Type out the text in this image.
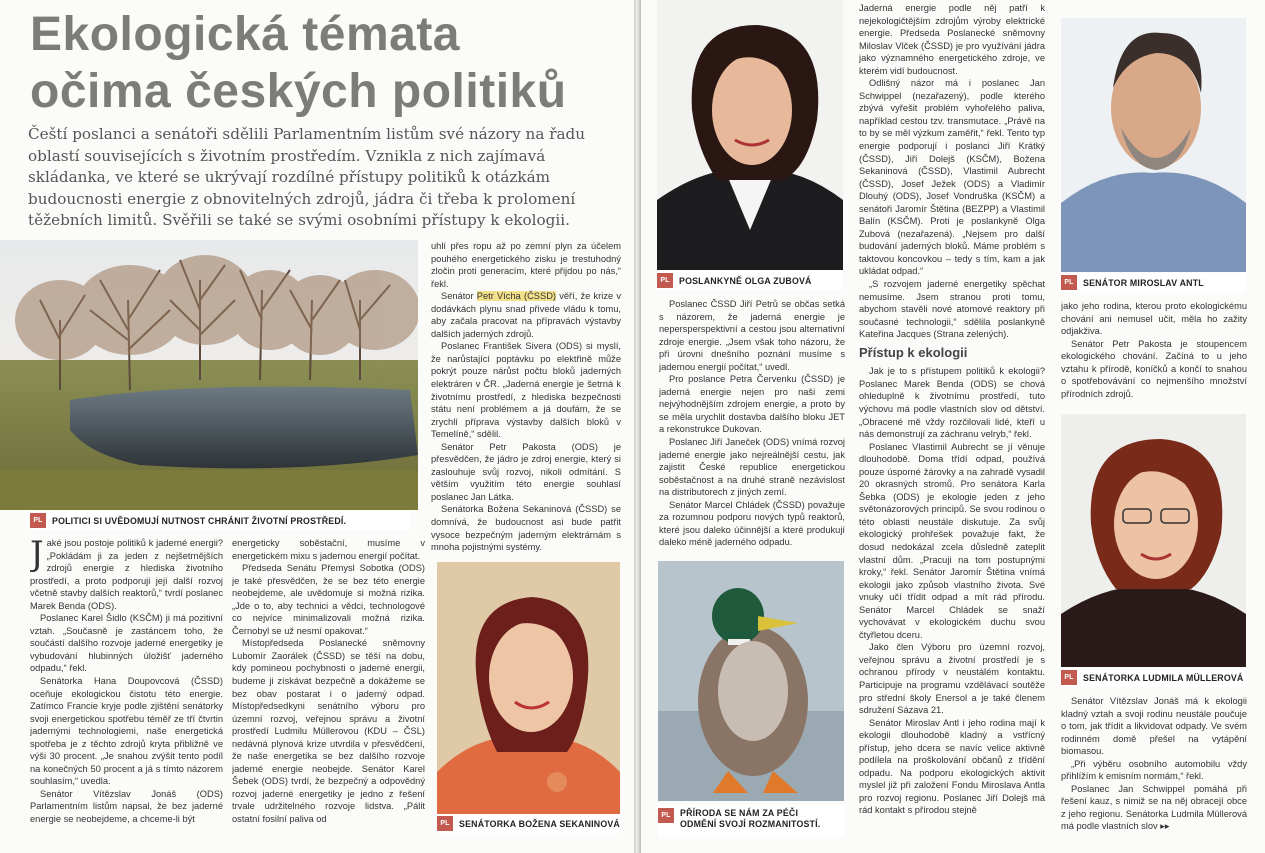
Ekologická témata
očima českých politiků
Čeští poslanci a senátoři sdělili Parlamentním listům své názory na řadu oblastí souvisejících s životním prostředím. Vznikla z nich zajímavá skládanka, ve které se ukrývají rozdílné přístupy politiků k otázkám budoucnosti energie z obnovitelných zdrojů, jádra či třeba k prolomení těžebních limitů. Svěřili se také se svými osobními přístupy k ekologii.
PL	POLITICI SI UVĚDOMUJÍ NUTNOST CHRÁNIT ŽIVOTNÍ PROSTŘEDÍ.

Jaké jsou postoje politiků k jaderné energii? „Pokládám ji za jeden z nejšetrnějších zdrojů energie z hlediska životního prostředí, a proto podporuji její další rozvoj včetně stavby dalších reaktorů,“ tvrdí poslanec Marek Benda (ODS).

Poslanec Karel Šidlo (KSČM) ji má pozitivní vztah. „Současně je zastáncem toho, že součástí dalšího rozvoje jaderné energetiky je vybudování hlubinných úložišť jaderného odpadu,“ řekl.

Senátorka Hana Doupovcová (ČSSD) oceňuje ekologickou čistotu této energie. Zatímco Francie kryje podle zjištění senátorky svoji energetickou spotřebu téměř ze tří čtvrtin jadernými technologiemi, naše energetická spotřeba je z těchto zdrojů kryta přibližně ve výši 30 procent. „Je snahou zvýšit tento podíl na konečných 50 procent a já s tímto názorem souhlasím,“ uvedla.

Senátor Vítězslav Jonáš (ODS) Parlamentním listům napsal, že bez jaderné energie se neobejdeme, a chceme-li být

energeticky soběstační, musíme v energetickém mixu s jadernou energií počítat.

Předseda Senátu Přemysl Sobotka (ODS) je také přesvědčen, že se bez této energie neobejdeme, ale uvědomuje si možná rizika. „Jde o to, aby technici a vědci, technologové co nejvíce minimalizovali možná rizika. Černobyl se už nesmí opakovat.“

Místopředseda Poslanecké sněmovny Lubomír Zaorálek (ČSSD) se těší na dobu, kdy pomineou pochybnosti o jaderné energii, budeme ji získávat bezpečně a dokážeme se bez obav postarat i o jaderný odpad. Místopředsedkyni senátního výboru pro územní rozvoj, veřejnou správu a životní prostředí Ludmilu Müllerovou (KDU – ČSL) nedávná plynová krize utvrdila v přesvědčení, že naše energetika se bez dalšího rozvoje jaderné energie neobejde. Senátor Karel Šebek (ODS) tvrdí, že bezpečný a odpovědný rozvoj jaderné energetiky je jedno z řešení trvale udržitelného rozvoje lidstva. „Pálit ostatní fosilní paliva od

uhlí přes ropu až po zemní plyn za účelem pouhého energetického zisku je trestuhodný zločin proti generacím, které přijdou po nás,“ řekl.

Senátor Petr Vícha (ČSSD) věří, že krize v dodávkách plynu snad přivede vládu k tomu, aby začala pracovat na přípravách výstavby dalších jaderných zdrojů.

Poslanec František Sivera (ODS) si myslí, že narůstající poptávku po elektřině může pokrýt pouze nárůst počtu bloků jaderných elektráren v ČR. „Jaderná energie je šetrná k životnímu prostředí, z hlediska bezpečnosti státu není problémem a já doufám, že se zrychlí příprava výstavby dalších bloků v Temelíně,“ sdělil.

Senátor Petr Pakosta (ODS) je přesvědčen, že jádro je zdroj energie, který si zaslouhuje svůj rozvoj, nikoli odmítání. S větším využitím této energie souhlasí poslanec Jan Látka.

Senátorka Božena Sekaninová (ČSSD) se domnívá, že budoucnost asi bude patřit vysoce bezpečným jaderným elektrárnám s mnoha pojistnými systémy.

PL	SENÁTORKA BOŽENA SEKANINOVÁ
PL	POSLANKYNĚ OLGA ZUBOVÁ

Poslanec ČSSD Jiří Petrů se občas setká s názorem, že jaderná energie je nepersperspektivní a cestou jsou alternativní zdroje energie. „Jsem však toho názoru, že při úrovni dnešního poznání musíme s jadernou energií počítat,“ uvedl.

Pro poslance Petra Červenku (ČSSD) je jaderná energie nejen pro naši zemi nejvýhodnějším zdrojem energie, a proto by se měla urychlit dostavba dalšího bloku JET a rekonstrukce Dukovan.

Poslanec Jiří Janeček (ODS) vnímá rozvoj jaderné energie jako nejreálnější cestu, jak zajistit České republice energetickou soběstačnost a na druhé straně nezávislost na distributorech z jiných zemí.

Senátor Marcel Chládek (ČSSD) považuje za rozumnou podporu nových typů reaktorů, které jsou daleko účinnější a které produkují daleko méně jaderného odpadu.

PL	PŘÍRODA SE NÁM ZA PÉČI ODMĚNÍ SVOJÍ ROZMANITOSTÍ.

Jaderná energie podle něj patří k nejekologičtějším zdrojům výroby elektrické energie. Předseda Poslanecké sněmovny Miloslav Vlček (ČSSD) je pro využívání jádra jako významného energetického zdroje, ve kterém vidí budoucnost.

Odlišný názor má i poslanec Jan Schwippel (nezařazený), podle kterého zbývá vyřešit problém vyhořelého paliva, například cestou tzv. transmutace. „Právě na to by se měl výzkum zaměřit,“ řekl. Tento typ energie podporují i poslanci Jiří Krátký (ČSSD), Jiří Dolejš (KSČM), Božena Sekaninová (ČSSD), Vlastimil Aubrecht (ČSSD), Josef Ježek (ODS) a Vladimír Dlouhý (ODS), Josef Vondruška (KSČM) a senátoři Jaromír Štětina (BEZPP) a Vlastimil Balín (KSČM). Proti je poslankyně Olga Zubová (nezařazená). „Nejsem pro další budování jaderných bloků. Máme problém s taktovou koncovkou – tedy s tím, kam a jak ukládat odpad.“

„S rozvojem jaderné energetiky spěchat nemusíme. Jsem stranou proti tomu, abychom stavěli nové atomové reaktory při současné technologii,“ sdělila poslankyně Kateřina Jacques (Strana zelených).

Přístup k ekologii

Jak je to s přístupem politiků k ekologii? Poslanec Marek Benda (ODS) se chová ohleduplně k životnímu prostředí, tuto výchovu má podle vlastních slov od dětství. „Obracené mě vždy rozčilovali lidé, kteří u nás demonstrují za záchranu velryb,“ řekl.

Poslanec Vlastimil Aubrecht se jí věnuje dlouhodobě. Doma třídí odpad, používá pouze úsporné žárovky a na zahradě vysadil 20 okrasných stromů. Pro senátora Karla Šebka (ODS) je ekologie jeden z jeho světonázorových principů. Se svou rodinou o této oblasti neustále diskutuje. Za svůj ekologický prohřešek považuje fakt, že dosud nedokázal zcela důsledně zateplit vlastní dům. „Pracuji na tom postupnými kroky,“ řekl. Senátor Jaromír Štětina vnímá ekologii jako způsob vlastního života. Své vnuky učí třídit odpad a mít rád přírodu. Senátor Marcel Chládek se snaží vychovávat v ekologickém duchu svou čtyřletou dceru.

Jako člen Výboru pro územní rozvoj, veřejnou správu a životní prostředí je s ochranou přírody v neustálém kontaktu. Participuje na programu vzdělávací soutěže pro střední školy Enersol a je také členem sdružení Sázava 21.

Senátor Miroslav Antl i jeho rodina mají k ekologii dlouhodobě kladný a vstřícný přístup, jeho dcera se navíc velice aktivně podílela na proškolování občanů z třídění odpadu. Na podporu ekologických aktivit myslel již při založení Fondu Miroslava Antla pro rozvoj regionu. Poslanec Jiří Dolejš má rád kontakt s přírodou stejně

PL	SENÁTOR MIROSLAV ANTL

jako jeho rodina, kterou proto ekologickému chování ani nemusel učit, měla ho zažity odjakživa.

Senátor Petr Pakosta je stoupencem ekologického chování. Začíná to u jeho vztahu k přírodě, koníčků a končí to snahou o spotřebovávání co nejmenšího množství přírodních zdrojů.

PL	SENÁTORKA LUDMILA MÜLLEROVÁ

Senátor Vítězslav Jonáš má k ekologii kladný vztah a svoji rodinu neustále poučuje o tom, jak třídit a likvidovat odpady. Ve svém rodinném domě přešel na vytápění biomasou.

„Při výběru osobního automobilu vždy přihlížím k emisním normám,“ řekl.

Poslanec Jan Schwippel pomáhá při řešení kauz, s nimiž se na něj obracejí obce z jeho regionu. Senátorka Ludmila Müllerová má podle vlastních slov ▸▸
